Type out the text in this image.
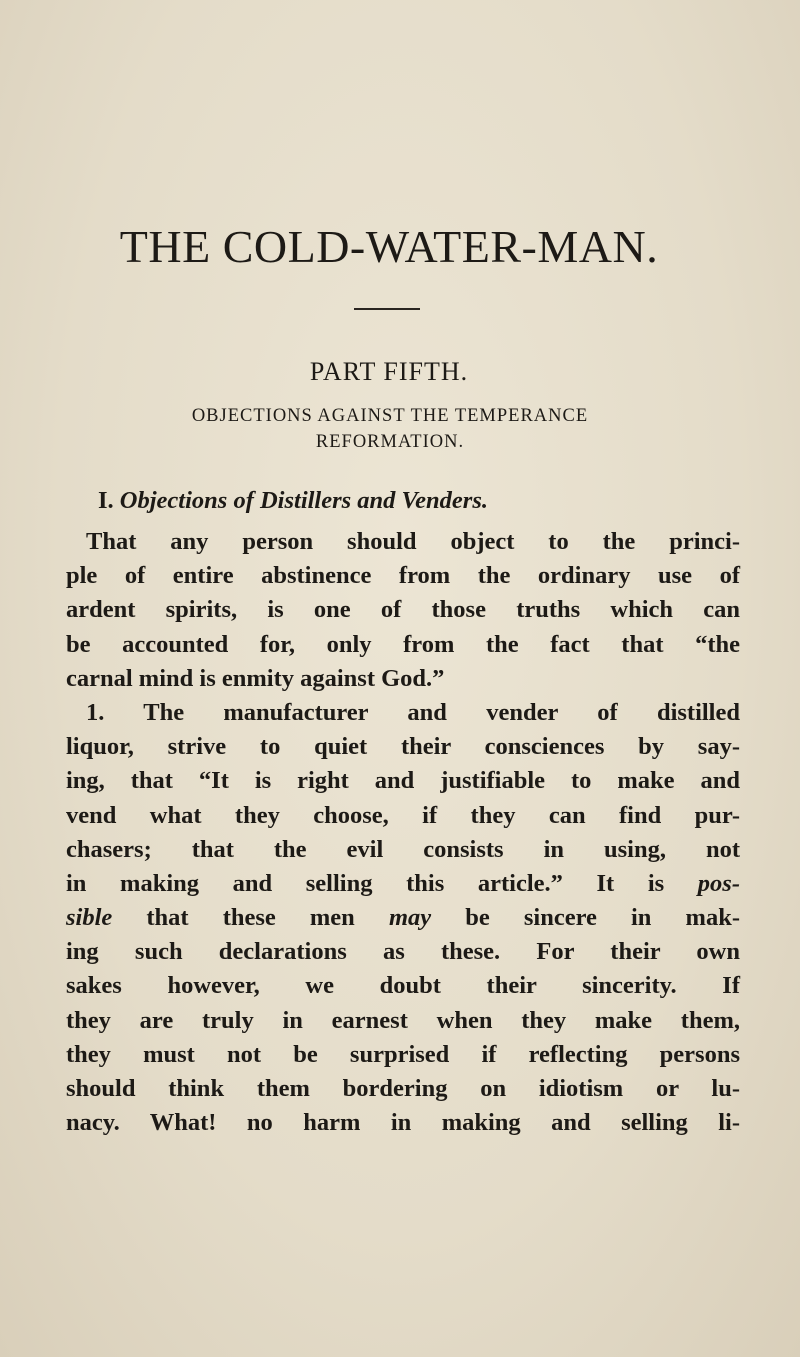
THE COLD-WATER-MAN.
PART FIFTH.
OBJECTIONS AGAINST THE TEMPERANCE
REFORMATION.
I. Objections of Distillers and Venders.
That any person should object to the princi-
ple of entire abstinence from the ordinary use of
ardent spirits, is one of those truths which can
be accounted for, only from the fact that “the
carnal mind is enmity against God.”
1. The manufacturer and vender of distilled
liquor, strive to quiet their consciences by say-
ing, that “It is right and justifiable to make and
vend what they choose, if they can find pur-
chasers; that the evil consists in using, not
in making and selling this article.” It is pos-
sible that these men may be sincere in mak-
ing such declarations as these. For their own
sakes however, we doubt their sincerity. If
they are truly in earnest when they make them,
they must not be surprised if reflecting persons
should think them bordering on idiotism or lu-
nacy. What! no harm in making and selling li-
